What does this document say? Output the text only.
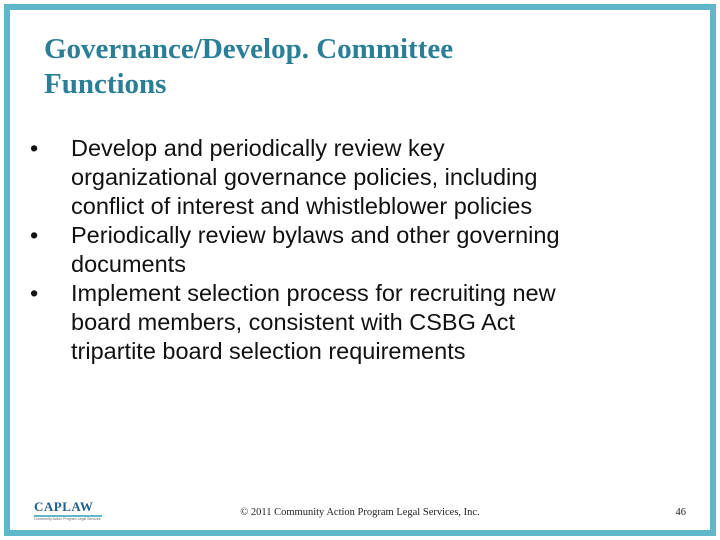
Governance/Develop. Committee
Functions
•	Develop and periodically review key
organizational governance policies, including
conflict of interest and whistleblower policies
•	Periodically review bylaws and other governing
documents
•	Implement selection process for recruiting new
board members, consistent with CSBG Act
tripartite board selection requirements
CAPLAW
Community Action Program Legal Services
© 2011 Community Action Program Legal Services, Inc.	46
